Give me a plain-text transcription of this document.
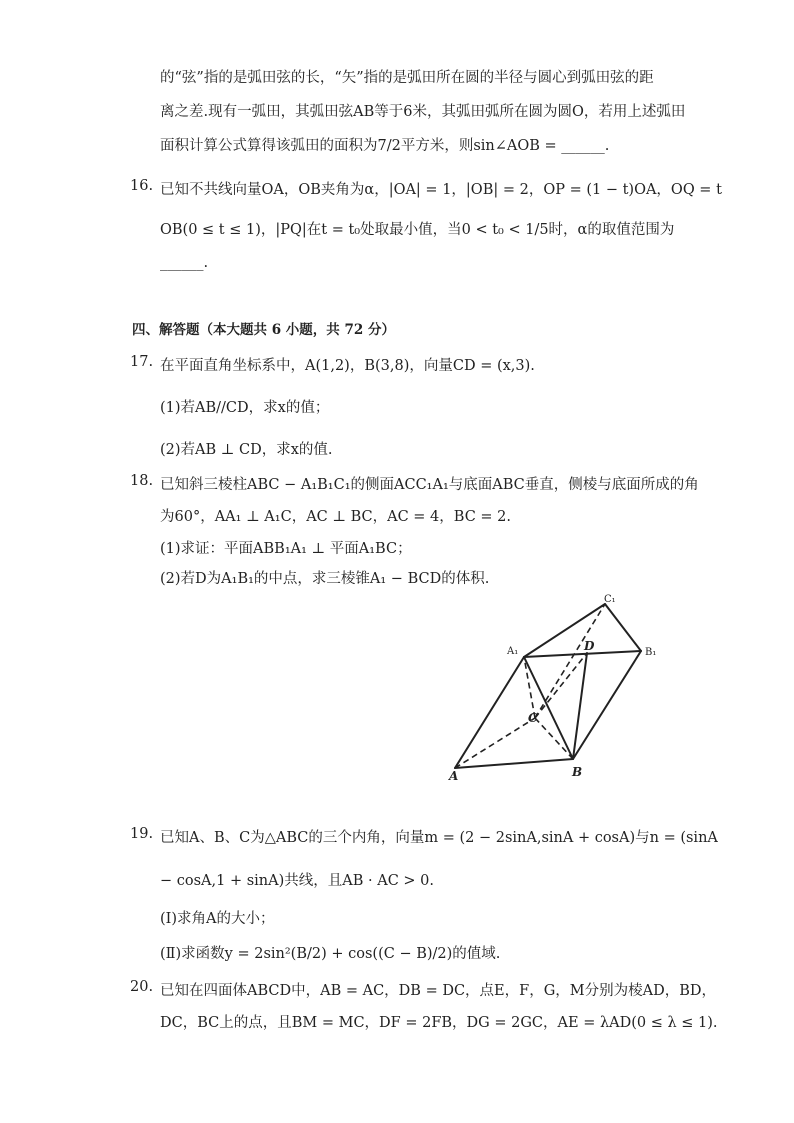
的“弦”指的是弧田弦的长，“矢”指的是弧田所在圆的半径与圆心到弧田弦的距
离之差.现有一弧田，其弧田弦AB等于6米，其弧田弧所在圆为圆O，若用上述弧田
面积计算公式算得该弧田的面积为7/2平方米，则sin∠AOB = ______.
16. 已知不共线向量OA，OB夹角为α，|OA| = 1，|OB| = 2，OP = (1 − t)OA，OQ = t
OB(0 ≤ t ≤ 1)，|PQ|在t = t₀处取最小值，当0 < t₀ < 1/5时，α的取值范围为
______.
四、解答题（本大题共 6 小题，共 72 分）
17. 在平面直角坐标系中，A(1,2)，B(3,8)，向量CD = (x,3).
(1)若AB//CD，求x的值；
(2)若AB ⊥ CD，求x的值.
18. 已知斜三棱柱ABC − A₁B₁C₁的侧面ACC₁A₁与底面ABC垂直，侧棱与底面所成的角
为60°，AA₁ ⊥ A₁C，AC ⊥ BC，AC = 4，BC = 2.
(1)求证：平面ABB₁A₁ ⊥ 平面A₁BC；
(2)若D为A₁B₁的中点，求三棱锥A₁ − BCD的体积.
C₁
A₁	D	B₁
C
A	B
19. 已知A、B、C为△ABC的三个内角，向量m = (2 − 2sinA,sinA + cosA)与n = (sinA
− cosA,1 + sinA)共线，且AB · AC > 0.
(Ⅰ)求角A的大小；
(Ⅱ)求函数y = 2sin²(B/2) + cos((C − B)/2)的值域.
20. 已知在四面体ABCD中，AB = AC，DB = DC，点E，F，G，M分别为棱AD，BD，
DC，BC上的点，且BM = MC，DF = 2FB，DG = 2GC，AE = λAD(0 ≤ λ ≤ 1).
